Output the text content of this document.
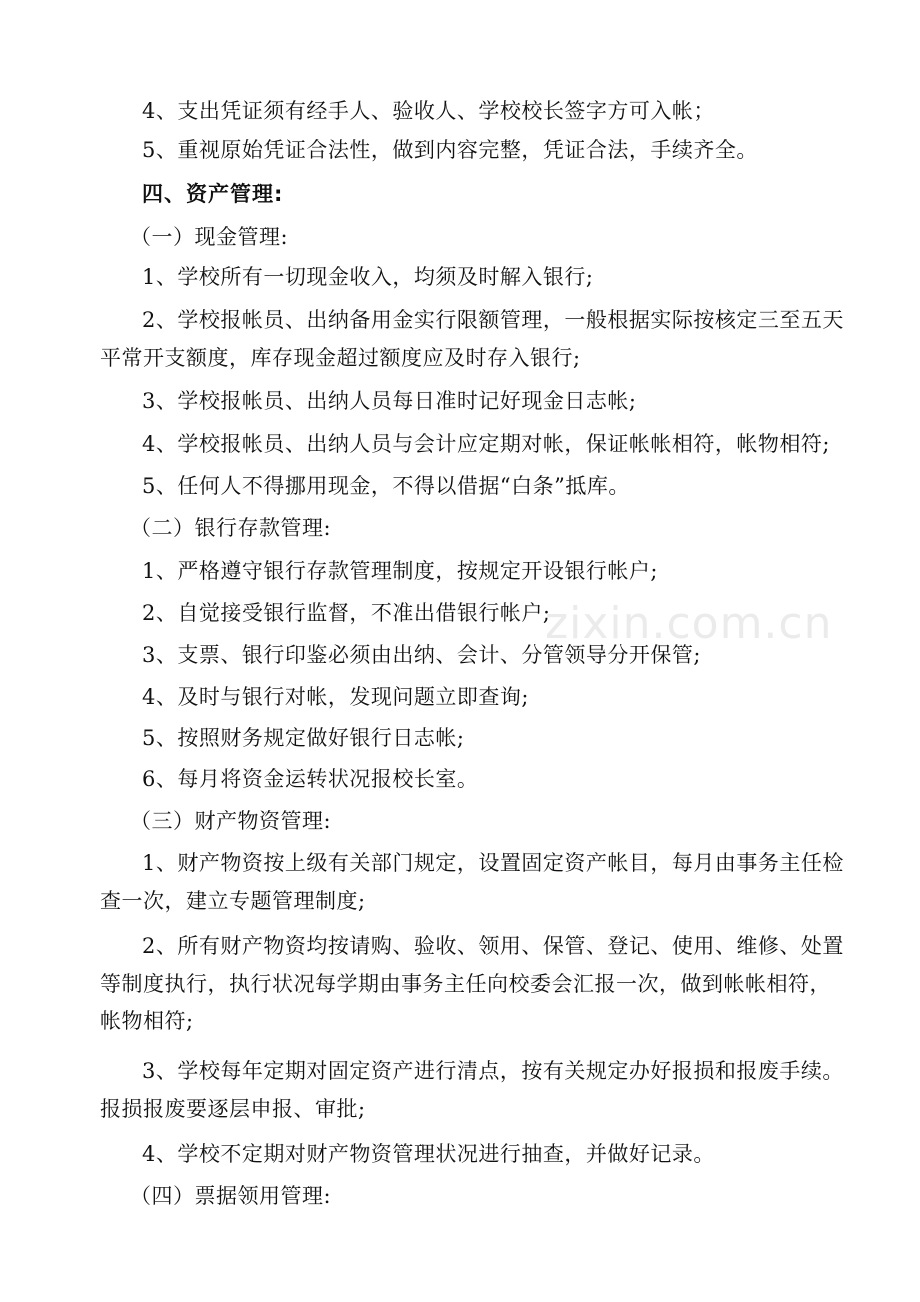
4、支出凭证须有经手人、验收人、学校校长签字方可入帐；

5、重视原始凭证合法性，做到内容完整，凭证合法，手续齐全。

四、资产管理:

（一）现金管理:

1、学校所有一切现金收入，均须及时解入银行;

2、学校报帐员、出纳备用金实行限额管理，一般根据实际按核定三至五天
平常开支额度，库存现金超过额度应及时存入银行;

3、学校报帐员、出纳人员每日准时记好现金日志帐;

4、学校报帐员、出纳人员与会计应定期对帐，保证帐帐相符，帐物相符;

5、任何人不得挪用现金，不得以借据“白条”抵库。

（二）银行存款管理:

1、严格遵守银行存款管理制度，按规定开设银行帐户;

2、自觉接受银行监督，不准出借银行帐户;

3、支票、银行印鉴必须由出纳、会计、分管领导分开保管;

4、及时与银行对帐，发现问题立即查询;

5、按照财务规定做好银行日志帐;

6、每月将资金运转状况报校长室。

（三）财产物资管理:

1、财产物资按上级有关部门规定，设置固定资产帐目，每月由事务主任检
查一次，建立专题管理制度;

2、所有财产物资均按请购、验收、领用、保管、登记、使用、维修、处置
等制度执行，执行状况每学期由事务主任向校委会汇报一次，做到帐帐相符，
帐物相符;

3、学校每年定期对固定资产进行清点，按有关规定办好报损和报废手续。
报损报废要逐层申报、审批;

4、学校不定期对财产物资管理状况进行抽查，并做好记录。

（四）票据领用管理:

zixin.com.cn
